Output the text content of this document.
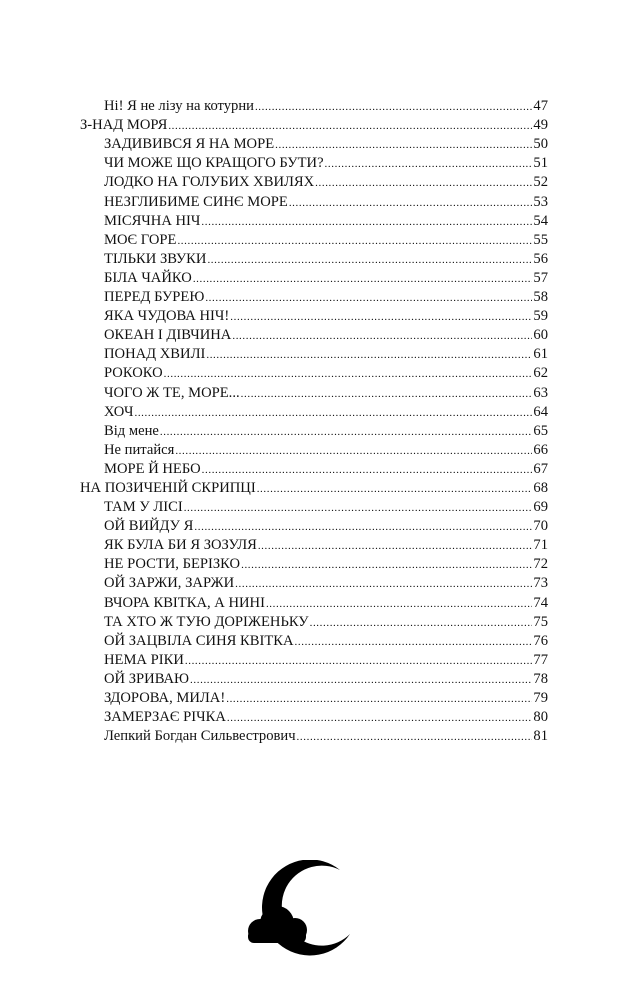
Ні! Я не лізу на котурни .....	47
З-НАД МОРЯ .....	49
ЗАДИВИВСЯ Я НА МОРЕ .....	50
ЧИ МОЖЕ ЩО КРАЩОГО БУТИ? .....	51
ЛОДКО НА ГОЛУБИХ ХВИЛЯХ .....	52
НЕЗГЛИБИМЕ СИНЄ МОРЕ .....	53
МІСЯЧНА НІЧ .....	54
МОЄ ГОРЕ .....	55
ТІЛЬКИ ЗВУКИ .....	56
БІЛА ЧАЙКО .....	57
ПЕРЕД БУРЕЮ .....	58
ЯКА ЧУДОВА НІЧ! .....	59
ОКЕАН І ДІВЧИНА .....	60
ПОНАД ХВИЛІ .....	61
РОКОКО .....	62
ЧОГО Ж ТЕ, МОРЕ... .....	63
ХОЧ .....	64
Від мене .....	65
Не питайся .....	66
МОРЕ Й НЕБО .....	67
НА ПОЗИЧЕНІЙ СКРИПЦІ .....	68
ТАМ У ЛІСІ .....	69
ОЙ ВИЙДУ Я .....	70
ЯК БУЛА БИ Я ЗОЗУЛЯ .....	71
НЕ РОСТИ, БЕРІЗКО .....	72
ОЙ ЗАРЖИ, ЗАРЖИ .....	73
ВЧОРА КВІТКА, А НИНІ .....	74
ТА ХТО Ж ТУЮ ДОРІЖЕНЬКУ .....	75
ОЙ ЗАЦВІЛА СИНЯ КВІТКА .....	76
НЕМА РІКИ .....	77
ОЙ ЗРИВАЮ .....	78
ЗДОРОВА, МИЛА! .....	79
ЗАМЕРЗАЄ РІЧКА .....	80
Лепкий Богдан Сильвестрович .....	81
85
